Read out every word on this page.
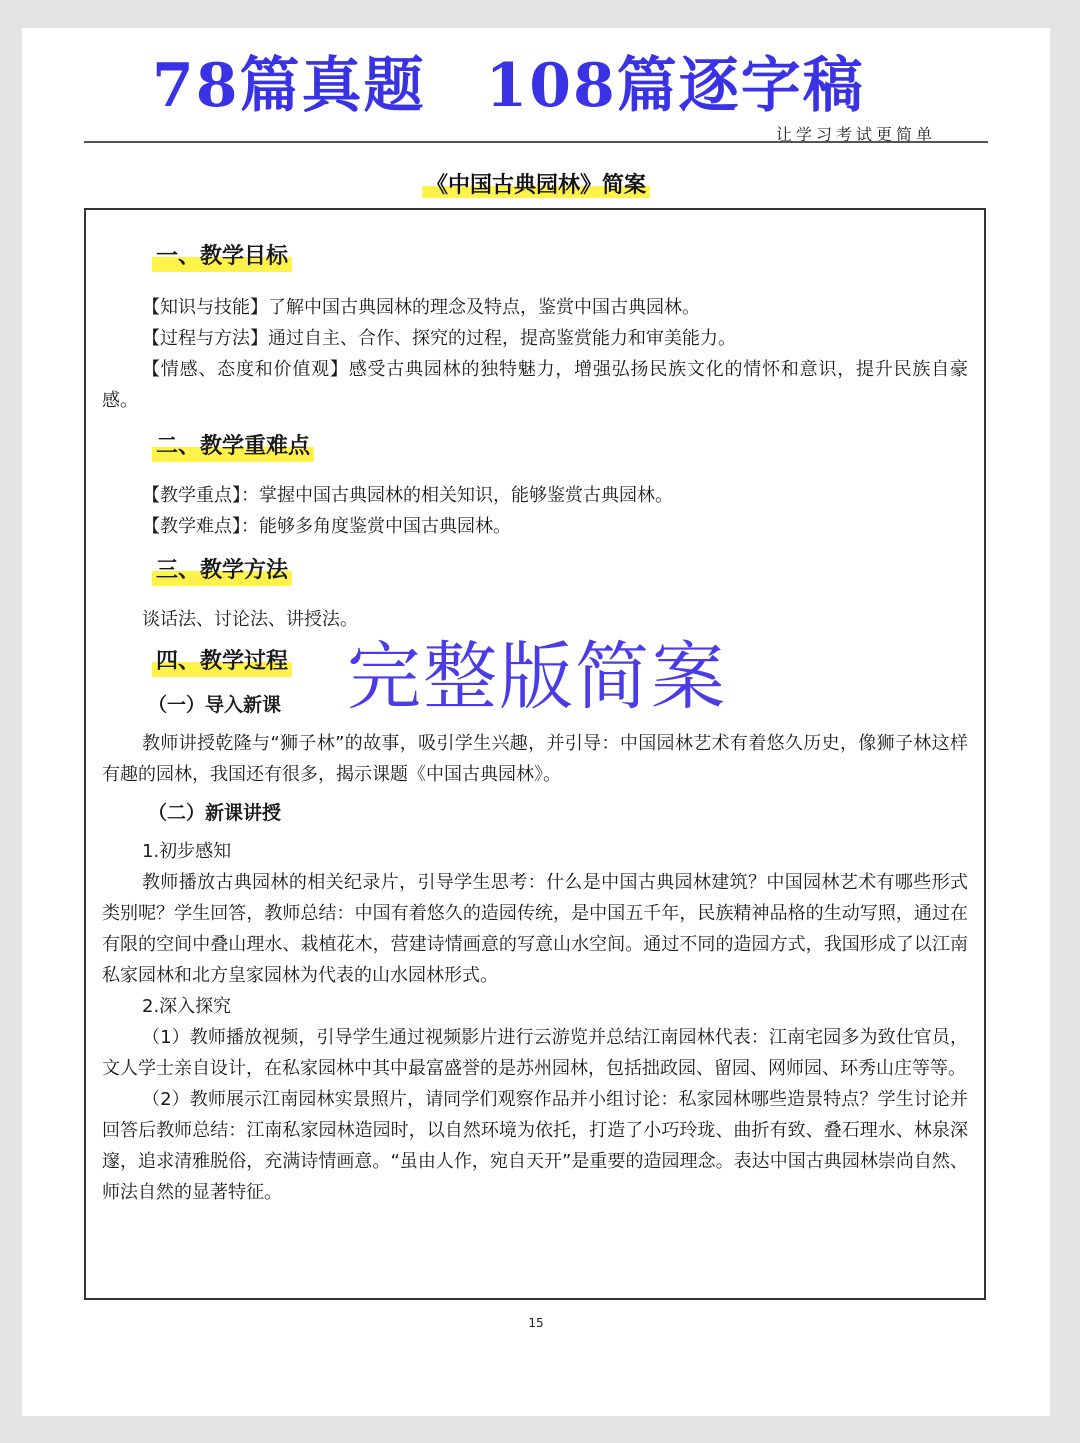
78篇真题 108篇逐字稿
让学习考试更简单
《中国古典园林》简案
一、教学目标
【知识与技能】了解中国古典园林的理念及特点，鉴赏中国古典园林。
【过程与方法】通过自主、合作、探究的过程，提高鉴赏能力和审美能力。
【情感、态度和价值观】感受古典园林的独特魅力，增强弘扬民族文化的情怀和意识，提升民族自豪感。
二、教学重难点
【教学重点】：掌握中国古典园林的相关知识，能够鉴赏古典园林。
【教学难点】：能够多角度鉴赏中国古典园林。
三、教学方法
谈话法、讨论法、讲授法。
四、教学过程
（一）导入新课
教师讲授乾隆与“狮子林”的故事，吸引学生兴趣，并引导：中国园林艺术有着悠久历史，像狮子林这样有趣的园林，我国还有很多，揭示课题《中国古典园林》。
（二）新课讲授
1.初步感知
教师播放古典园林的相关纪录片，引导学生思考：什么是中国古典园林建筑？中国园林艺术有哪些形式类别呢？学生回答，教师总结：中国有着悠久的造园传统，是中国五千年，民族精神品格的生动写照，通过在有限的空间中叠山理水、栽植花木，营建诗情画意的写意山水空间。通过不同的造园方式，我国形成了以江南私家园林和北方皇家园林为代表的山水园林形式。
2.深入探究
（1）教师播放视频，引导学生通过视频影片进行云游览并总结江南园林代表：江南宅园多为致仕官员，文人学士亲自设计，在私家园林中其中最富盛誉的是苏州园林，包括拙政园、留园、网师园、环秀山庄等等。
（2）教师展示江南园林实景照片，请同学们观察作品并小组讨论：私家园林哪些造景特点？学生讨论并回答后教师总结：江南私家园林造园时，以自然环境为依托，打造了小巧玲珑、曲折有致、叠石理水、林泉深邃，追求清雅脱俗，充满诗情画意。“虽由人作，宛自天开”是重要的造园理念。表达中国古典园林崇尚自然、师法自然的显著特征。
完整版简案
15
